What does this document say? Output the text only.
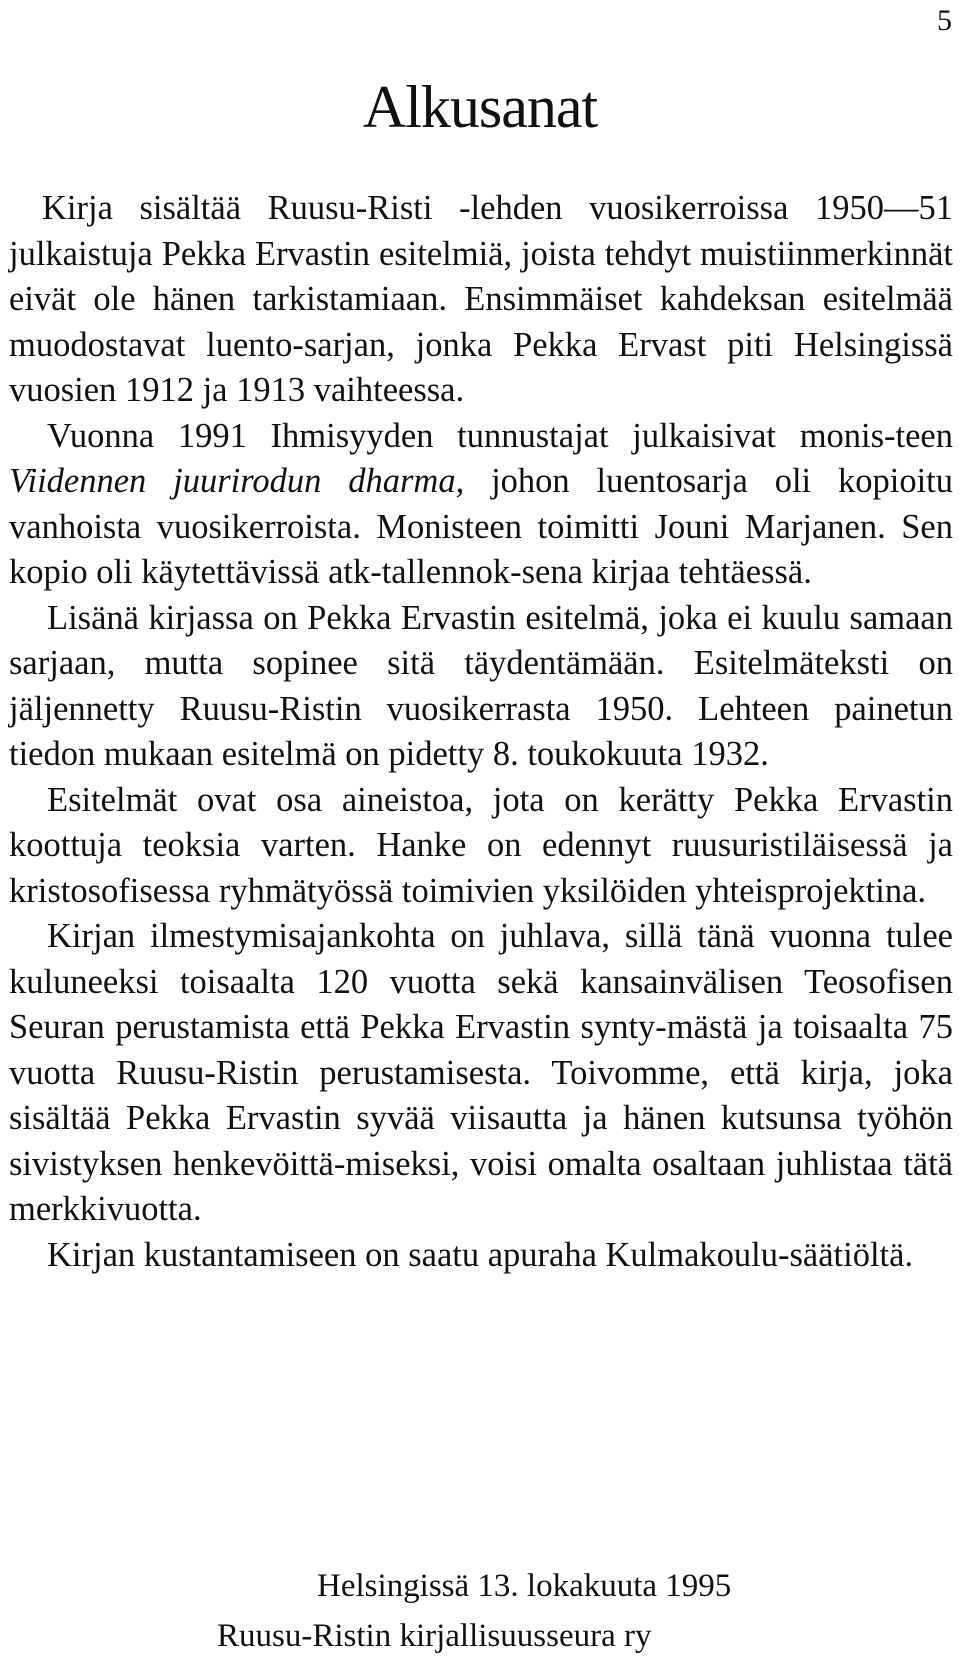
5
Alkusanat

Kirja sisältää Ruusu-Risti -lehden vuosikerroissa 1950—51 julkaistuja Pekka Ervastin esitelmiä, joista tehdyt muistiinmerkinnät eivät ole hänen tarkistamiaan. Ensimmäiset kahdeksan esitelmää muodostavat luento-sarjan, jonka Pekka Ervast piti Helsingissä vuosien 1912 ja 1913 vaihteessa.

Vuonna 1991 Ihmisyyden tunnustajat julkaisivat monis-teen Viidennen juurirodun dharma, johon luentosarja oli kopioitu vanhoista vuosikerroista. Monisteen toimitti Jouni Marjanen. Sen kopio oli käytettävissä atk-tallennok-sena kirjaa tehtäessä.

Lisänä kirjassa on Pekka Ervastin esitelmä, joka ei kuulu samaan sarjaan, mutta sopinee sitä täydentämään. Esitelmäteksti on jäljennetty Ruusu-Ristin vuosikerrasta 1950. Lehteen painetun tiedon mukaan esitelmä on pidetty 8. toukokuuta 1932.

Esitelmät ovat osa aineistoa, jota on kerätty Pekka Ervastin koottuja teoksia varten. Hanke on edennyt ruusuristiläisessä ja kristosofisessa ryhmätyössä toimivien yksilöiden yhteisprojektina.

Kirjan ilmestymisajankohta on juhlava, sillä tänä vuonna tulee kuluneeksi toisaalta 120 vuotta sekä kansainvälisen Teosofisen Seuran perustamista että Pekka Ervastin synty-mästä ja toisaalta 75 vuotta Ruusu-Ristin perustamisesta. Toivomme, että kirja, joka sisältää Pekka Ervastin syvää viisautta ja hänen kutsunsa työhön sivistyksen henkevöittä-miseksi, voisi omalta osaltaan juhlistaa tätä merkkivuotta.

Kirjan kustantamiseen on saatu apuraha Kulmakoulu-säätiöltä.

Helsingissä 13. lokakuuta 1995
Ruusu-Ristin kirjallisuusseura ry
